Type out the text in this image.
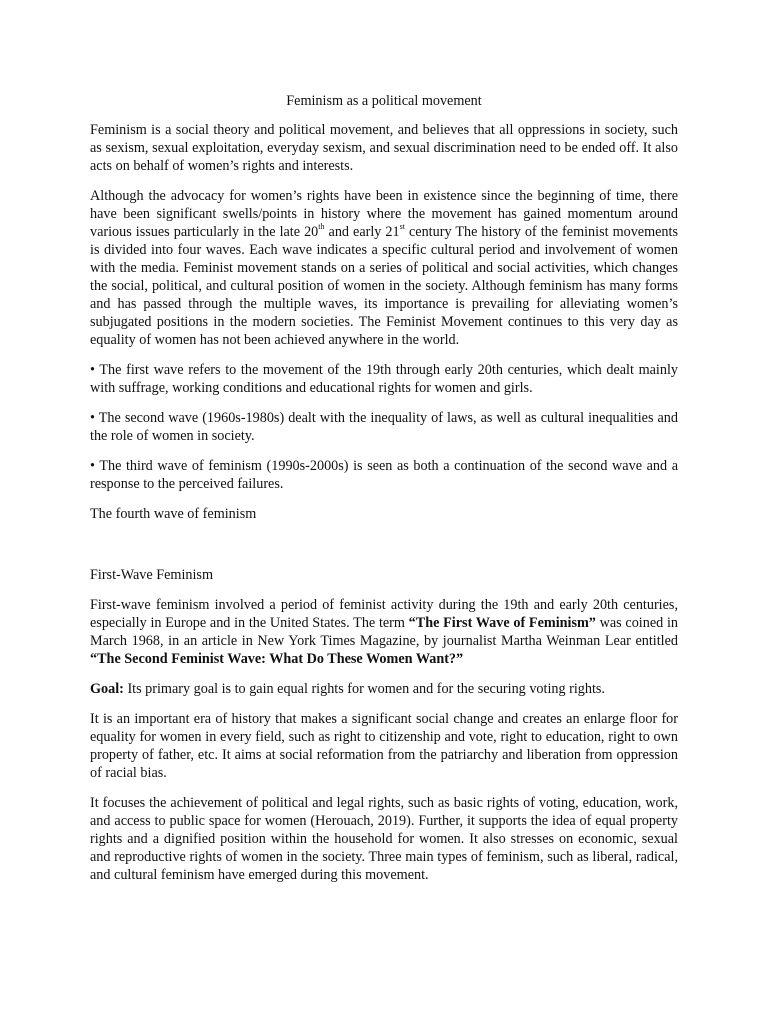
Feminism as a political movement

Feminism is a social theory and political movement, and believes that all oppressions in society, such as sexism, sexual exploitation, everyday sexism, and sexual discrimination need to be ended off. It also acts on behalf of women’s rights and interests.

Although the advocacy for women’s rights have been in existence since the beginning of time, there have been significant swells/points in history where the movement has gained momentum around various issues particularly in the late 20th and early 21st century The history of the feminist movements is divided into four waves. Each wave indicates a specific cultural period and involvement of women with the media. Feminist movement stands on a series of political and social activities, which changes the social, political, and cultural position of women in the society. Although feminism has many forms and has passed through the multiple waves, its importance is prevailing for alleviating women’s subjugated positions in the modern societies. The Feminist Movement continues to this very day as equality of women has not been achieved anywhere in the world.

• The first wave refers to the movement of the 19th through early 20th centuries, which dealt mainly with suffrage, working conditions and educational rights for women and girls.

• The second wave (1960s-1980s) dealt with the inequality of laws, as well as cultural inequalities and the role of women in society.

• The third wave of feminism (1990s-2000s) is seen as both a continuation of the second wave and a response to the perceived failures.

The fourth wave of feminism

First-Wave Feminism

First-wave feminism involved a period of feminist activity during the 19th and early 20th centuries, especially in Europe and in the United States. The term “The First Wave of Feminism” was coined in March 1968, in an article in New York Times Magazine, by journalist Martha Weinman Lear entitled “The Second Feminist Wave: What Do These Women Want?”

Goal: Its primary goal is to gain equal rights for women and for the securing voting rights.

It is an important era of history that makes a significant social change and creates an enlarge floor for equality for women in every field, such as right to citizenship and vote, right to education, right to own property of father, etc. It aims at social reformation from the patriarchy and liberation from oppression of racial bias.

It focuses the achievement of political and legal rights, such as basic rights of voting, education, work, and access to public space for women (Herouach, 2019). Further, it supports the idea of equal property rights and a dignified position within the household for women. It also stresses on economic, sexual and reproductive rights of women in the society. Three main types of feminism, such as liberal, radical, and cultural feminism have emerged during this movement.
